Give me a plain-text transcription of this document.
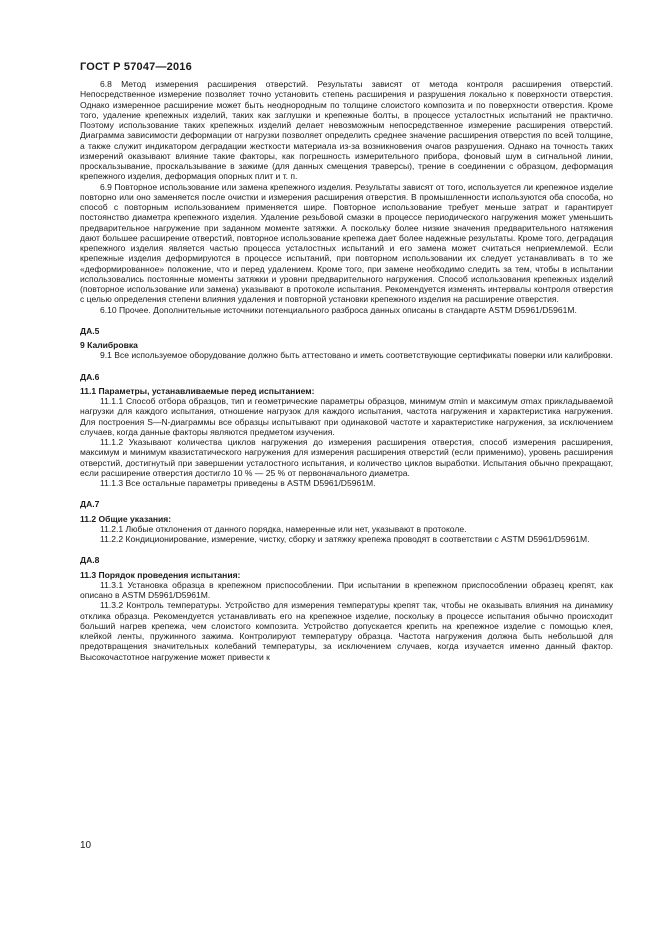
ГОСТ Р 57047—2016

6.8 Метод измерения расширения отверстий. Результаты зависят от метода контроля расширения отверстий. Непосредственное измерение позволяет точно установить степень расширения и разрушения локально к поверхности отверстия. Однако измеренное расширение может быть неоднородным по толщине слоистого композита и по поверхности отверстия. Кроме того, удаление крепежных изделий, таких как заглушки и крепежные болты, в процессе усталостных испытаний не практично. Поэтому использование таких крепежных изделий делает невозможным непосредственное измерение расширения отверстий. Диаграмма зависимости деформации от нагрузки позволяет определить среднее значение расширения отверстия по всей толщине, а также служит индикатором деградации жесткости материала из-за возникновения очагов разрушения. Однако на точность таких измерений оказывают влияние такие факторы, как погрешность измерительного прибора, фоновый шум в сигнальной линии, проскальзывание, проскальзывание в зажиме (для данных смещения траверсы), трение в соединении с образцом, деформация крепежного изделия, деформация опорных плит и т. п.

6.9 Повторное использование или замена крепежного изделия. Результаты зависят от того, используется ли крепежное изделие повторно или оно заменяется после очистки и измерения расширения отверстия. В промышленности используются оба способа, но способ с повторным использованием применяется шире. Повторное использование требует меньше затрат и гарантирует постоянство диаметра крепежного изделия. Удаление резьбовой смазки в процессе периодического нагружения может уменьшить предварительное нагружение при заданном моменте затяжки. А поскольку более низкие значения предварительного натяжения дают большее расширение отверстий, повторное использование крепежа дает более надежные результаты. Кроме того, деградация крепежного изделия является частью процесса усталостных испытаний и его замена может считаться неприемлемой. Если крепежные изделия деформируются в процессе испытаний, при повторном использовании их следует устанавливать в то же «деформированное» положение, что и перед удалением. Кроме того, при замене необходимо следить за тем, чтобы в испытании использовались постоянные моменты затяжки и уровни предварительного нагружения. Способ использования крепежных изделий (повторное использование или замена) указывают в протоколе испытания. Рекомендуется изменять интервалы контроля отверстия с целью определения степени влияния удаления и повторной установки крепежного изделия на расширение отверстия.

6.10 Прочее. Дополнительные источники потенциального разброса данных описаны в стандарте ASTM D5961/D5961M.

ДА.5

9 Калибровка

9.1 Все используемое оборудование должно быть аттестовано и иметь соответствующие сертификаты поверки или калибровки.

ДА.6

11.1 Параметры, устанавливаемые перед испытанием:

11.1.1 Способ отбора образцов, тип и геометрические параметры образцов, минимум σmin и максимум σmax прикладываемой нагрузки для каждого испытания, отношение нагрузок для каждого испытания, частота нагружения и характеристика нагружения. Для построения S—N-диаграммы все образцы испытывают при одинаковой частоте и характеристике нагружения, за исключением случаев, когда данные факторы являются предметом изучения.

11.1.2 Указывают количества циклов нагружения до измерения расширения отверстия, способ измерения расширения, максимум и минимум квазистатического нагружения для измерения расширения отверстий (если применимо), уровень расширения отверстий, достигнутый при завершении усталостного испытания, и количество циклов выработки. Испытания обычно прекращают, если расширение отверстия достигло 10 % — 25 % от первоначального диаметра.

11.1.3 Все остальные параметры приведены в ASTM D5961/D5961M.

ДА.7

11.2 Общие указания:

11.2.1 Любые отклонения от данного порядка, намеренные или нет, указывают в протоколе.

11.2.2 Кондиционирование, измерение, чистку, сборку и затяжку крепежа проводят в соответствии с ASTM D5961/D5961M.

ДА.8

11.3 Порядок проведения испытания:

11.3.1 Установка образца в крепежном приспособлении. При испытании в крепежном приспособлении образец крепят, как описано в ASTM D5961/D5961M.

11.3.2 Контроль температуры. Устройство для измерения температуры крепят так, чтобы не оказывать влияния на динамику отклика образца. Рекомендуется устанавливать его на крепежное изделие, поскольку в процессе испытания обычно происходит больший нагрев крепежа, чем слоистого композита. Устройство допускается крепить на крепежное изделие с помощью клея, клейкой ленты, пружинного зажима. Контролируют температуру образца. Частота нагружения должна быть небольшой для предотвращения значительных колебаний температуры, за исключением случаев, когда изучается именно данный фактор. Высокочастотное нагружение может привести к

10
